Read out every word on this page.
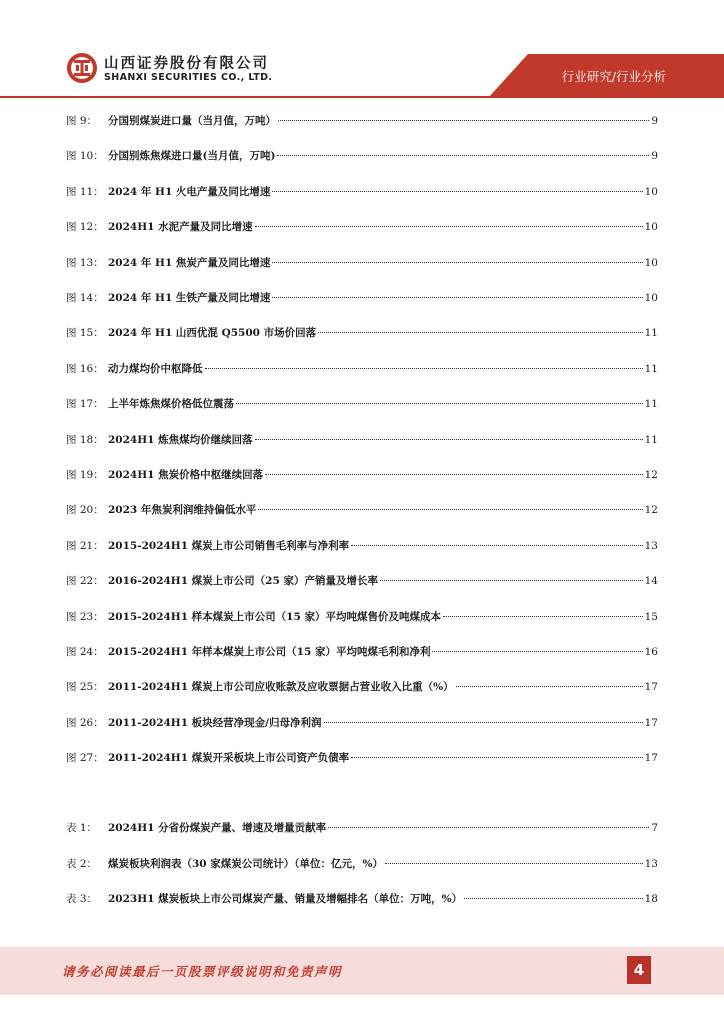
山西证券股份有限公司
SHANXI SECURITIES CO., LTD.	行业研究/行业分析
图 9：	分国别煤炭进口量（当月值，万吨）	9
图 10： 分国别炼焦煤进口量(当月值，万吨)	9
图 11： 2024 年 H1 火电产量及同比增速	10
图 12： 2024H1 水泥产量及同比增速	10
图 13： 2024 年 H1 焦炭产量及同比增速	10
图 14： 2024 年 H1 生铁产量及同比增速	10
图 15： 2024 年 H1 山西优混 Q5500 市场价回落	11
图 16： 动力煤均价中枢降低	11
图 17： 上半年炼焦煤价格低位震荡	11
图 18： 2024H1 炼焦煤均价继续回落	11
图 19： 2024H1 焦炭价格中枢继续回落	12
图 20： 2023 年焦炭利润维持偏低水平	12
图 21： 2015-2024H1 煤炭上市公司销售毛利率与净利率	13
图 22： 2016-2024H1 煤炭上市公司（25 家）产销量及增长率	14
图 23： 2015-2024H1 样本煤炭上市公司（15 家）平均吨煤售价及吨煤成本	15
图 24： 2015-2024H1 年样本煤炭上市公司（15 家）平均吨煤毛利和净利	16
图 25： 2011-2024H1 煤炭上市公司应收账款及应收票据占营业收入比重（%）	17
图 26： 2011-2024H1 板块经营净现金/归母净利润	17
图 27： 2011-2024H1 煤炭开采板块上市公司资产负债率	17
表 1：	2024H1 分省份煤炭产量、增速及增量贡献率	7
表 2：	煤炭板块利润表（30 家煤炭公司统计）（单位：亿元，%）	13
表 3：	2023H1 煤炭板块上市公司煤炭产量、销量及增幅排名（单位：万吨，%）	18
请务必阅读最后一页股票评级说明和免责声明	4
